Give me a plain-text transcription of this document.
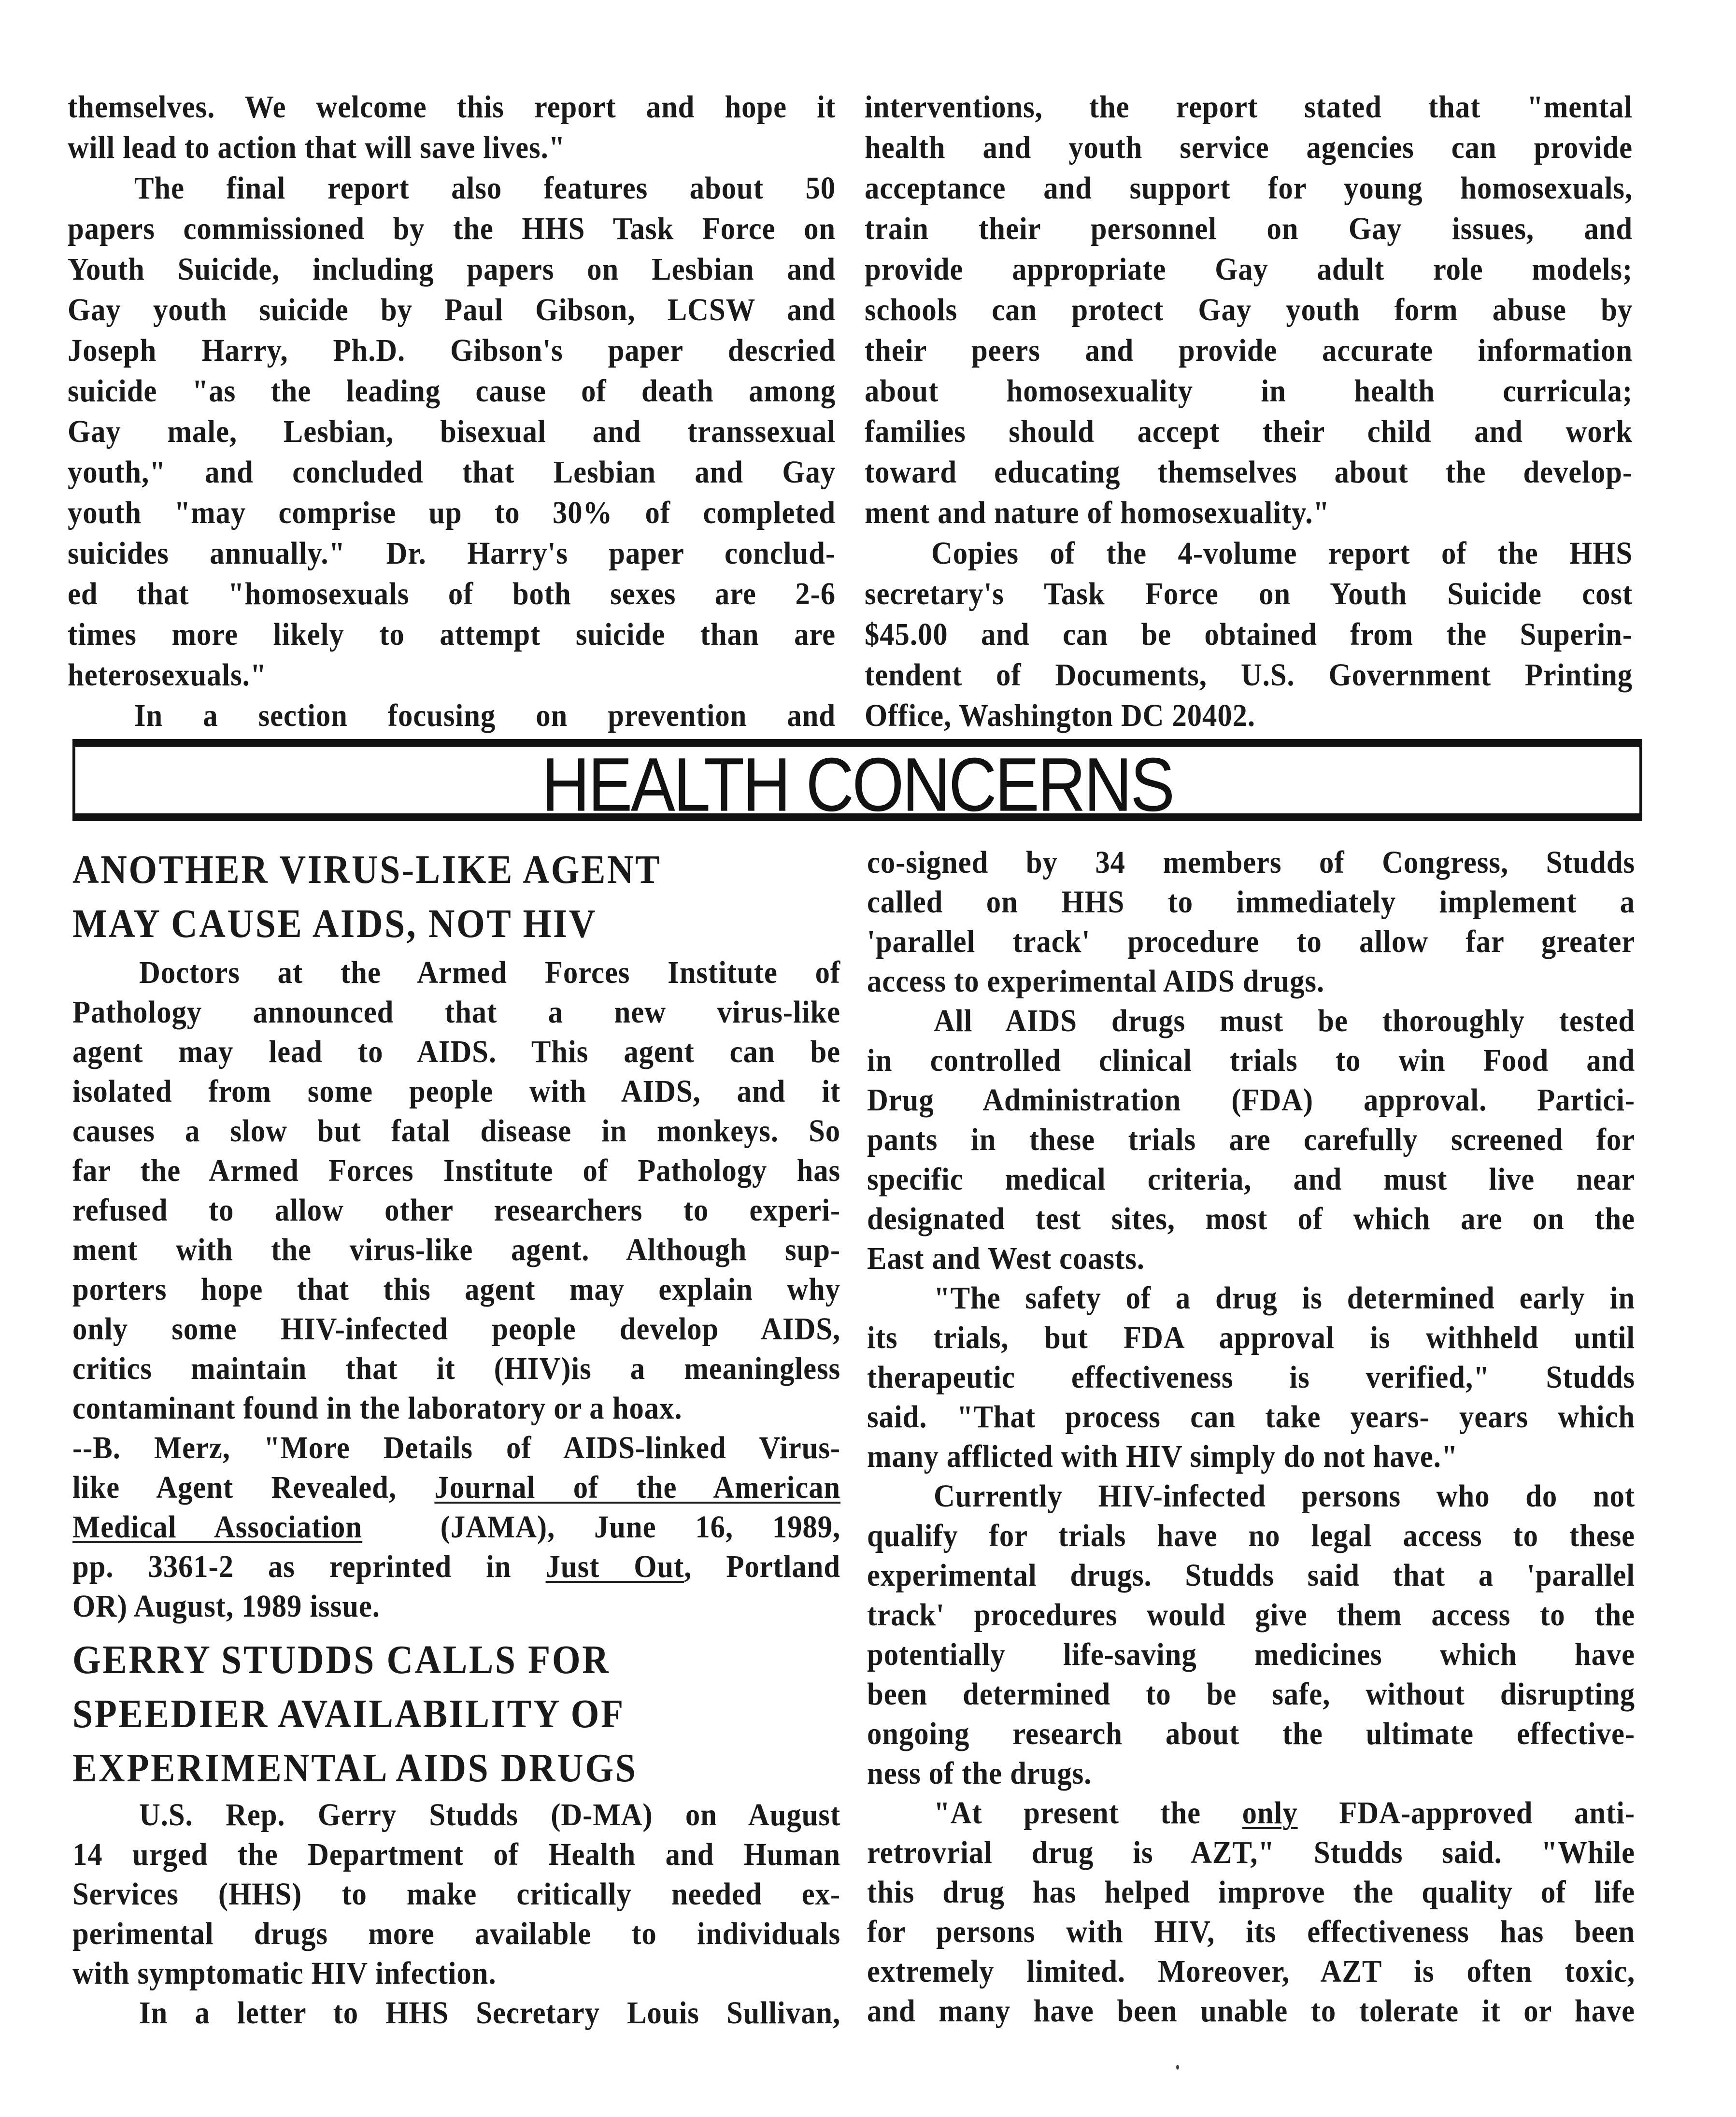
themselves. We welcome this report and hope it
will lead to action that will save lives."
The final report also features about 50
papers commissioned by the HHS Task Force on
Youth Suicide, including papers on Lesbian and
Gay youth suicide by Paul Gibson, LCSW and
Joseph Harry, Ph.D. Gibson's paper descried
suicide "as the leading cause of death among
Gay male, Lesbian, bisexual and transsexual
youth," and concluded that Lesbian and Gay
youth "may comprise up to 30% of completed
suicides annually." Dr. Harry's paper conclud-
ed that "homosexuals of both sexes are 2-6
times more likely to attempt suicide than are
heterosexuals."
In a section focusing on prevention and
interventions, the report stated that "mental
health and youth service agencies can provide
acceptance and support for young homosexuals,
train their personnel on Gay issues, and
provide appropriate Gay adult role models;
schools can protect Gay youth form abuse by
their peers and provide accurate information
about homosexuality in health curricula;
families should accept their child and work
toward educating themselves about the develop-
ment and nature of homosexuality."
Copies of the 4-volume report of the HHS
secretary's Task Force on Youth Suicide cost
$45.00 and can be obtained from the Superin-
tendent of Documents, U.S. Government Printing
Office, Washington DC 20402.
HEALTH CONCERNS
ANOTHER VIRUS-LIKE AGENT
MAY CAUSE AIDS, NOT HIV
Doctors at the Armed Forces Institute of
Pathology announced that a new virus-like
agent may lead to AIDS. This agent can be
isolated from some people with AIDS, and it
causes a slow but fatal disease in monkeys. So
far the Armed Forces Institute of Pathology has
refused to allow other researchers to experi-
ment with the virus-like agent. Although sup-
porters hope that this agent may explain why
only some HIV-infected people develop AIDS,
critics maintain that it (HIV)is a meaningless
contaminant found in the laboratory or a hoax.
--B. Merz, "More Details of AIDS-linked Virus-
like Agent Revealed, Journal of the American
Medical Association  (JAMA), June 16, 1989,
pp. 3361-2 as reprinted in Just Out, Portland
OR) August, 1989 issue.
GERRY STUDDS CALLS FOR
SPEEDIER AVAILABILITY OF
EXPERIMENTAL AIDS DRUGS
U.S. Rep. Gerry Studds (D-MA) on August
14 urged the Department of Health and Human
Services (HHS) to make critically needed ex-
perimental drugs more available to individuals
with symptomatic HIV infection.
In a letter to HHS Secretary Louis Sullivan,
co-signed by 34 members of Congress, Studds
called on HHS to immediately implement a
'parallel track' procedure to allow far greater
access to experimental AIDS drugs.
All AIDS drugs must be thoroughly tested
in controlled clinical trials to win Food and
Drug Administration (FDA) approval. Partici-
pants in these trials are carefully screened for
specific medical criteria, and must live near
designated test sites, most of which are on the
East and West coasts.
"The safety of a drug is determined early in
its trials, but FDA approval is withheld until
therapeutic effectiveness is verified," Studds
said. "That process can take years- years which
many afflicted with HIV simply do not have."
Currently HIV-infected persons who do not
qualify for trials have no legal access to these
experimental drugs. Studds said that a 'parallel
track' procedures would give them access to the
potentially life-saving medicines which have
been determined to be safe, without disrupting
ongoing research about the ultimate effective-
ness of the drugs.
"At present the only FDA-approved anti-
retrovrial drug is AZT," Studds said. "While
this drug has helped improve the quality of life
for persons with HIV, its effectiveness has been
extremely limited. Moreover, AZT is often toxic,
and many have been unable to tolerate it or have
